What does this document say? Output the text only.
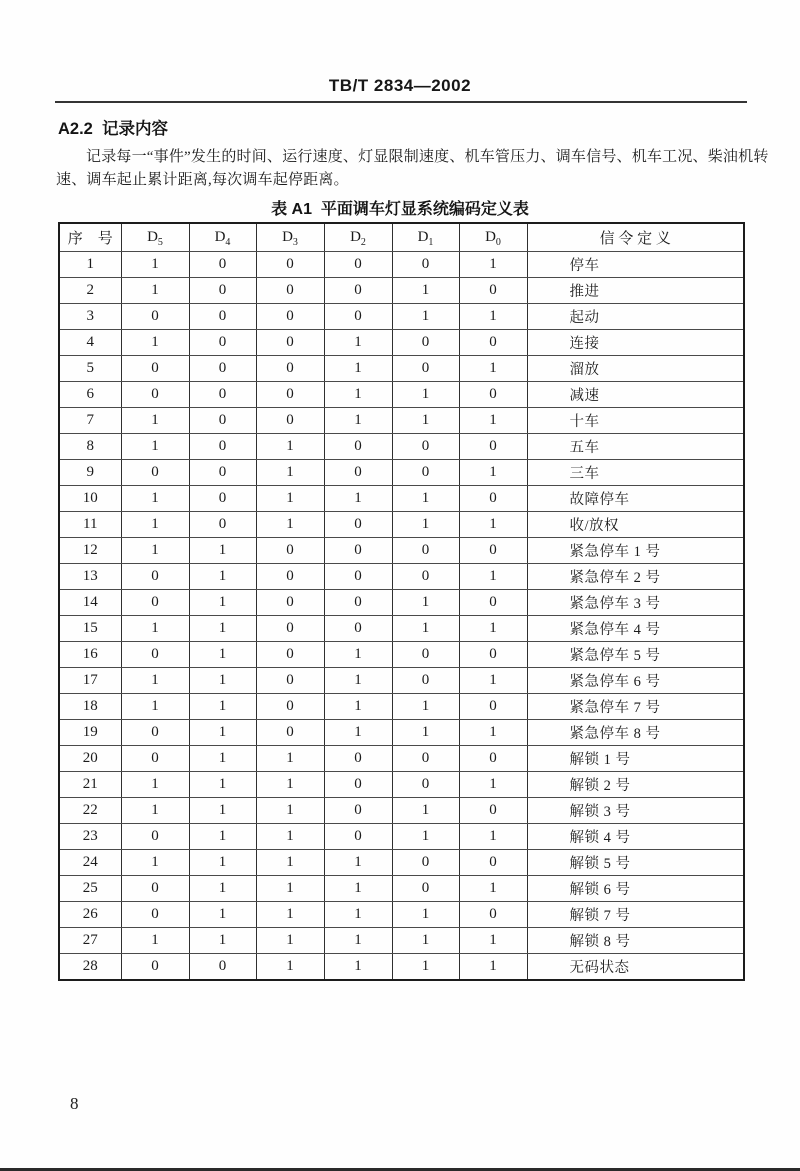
TB/T 2834—2002
A2.2  记录内容
记录每一“事件”发生的时间、运行速度、灯显限制速度、机车管压力、调车信号、机车工况、柴油机转
速、调车起止累计距离,每次调车起停距离。
表 A1  平面调车灯显系统编码定义表
序　号	$D_5$	$D_4$	$D_3$	$D_2$	$D_1$	$D_0$	信 令 定 义
1	1	0	0	0	0	1	停车
2	1	0	0	0	1	0	推进
3	0	0	0	0	1	1	起动
4	1	0	0	1	0	0	连接
5	0	0	0	1	0	1	溜放
6	0	0	0	1	1	0	减速
7	1	0	0	1	1	1	十车
8	1	0	1	0	0	0	五车
9	0	0	1	0	0	1	三车
10	1	0	1	1	1	0	故障停车
11	1	0	1	0	1	1	收/放权
12	1	1	0	0	0	0	紧急停车 1 号
13	0	1	0	0	0	1	紧急停车 2 号
14	0	1	0	0	1	0	紧急停车 3 号
15	1	1	0	0	1	1	紧急停车 4 号
16	0	1	0	1	0	0	紧急停车 5 号
17	1	1	0	1	0	1	紧急停车 6 号
18	1	1	0	1	1	0	紧急停车 7 号
19	0	1	0	1	1	1	紧急停车 8 号
20	0	1	1	0	0	0	解锁 1 号
21	1	1	1	0	0	1	解锁 2 号
22	1	1	1	0	1	0	解锁 3 号
23	0	1	1	0	1	1	解锁 4 号
24	1	1	1	1	0	0	解锁 5 号
25	0	1	1	1	0	1	解锁 6 号
26	0	1	1	1	1	0	解锁 7 号
27	1	1	1	1	1	1	解锁 8 号
28	0	0	1	1	1	1	无码状态
8
